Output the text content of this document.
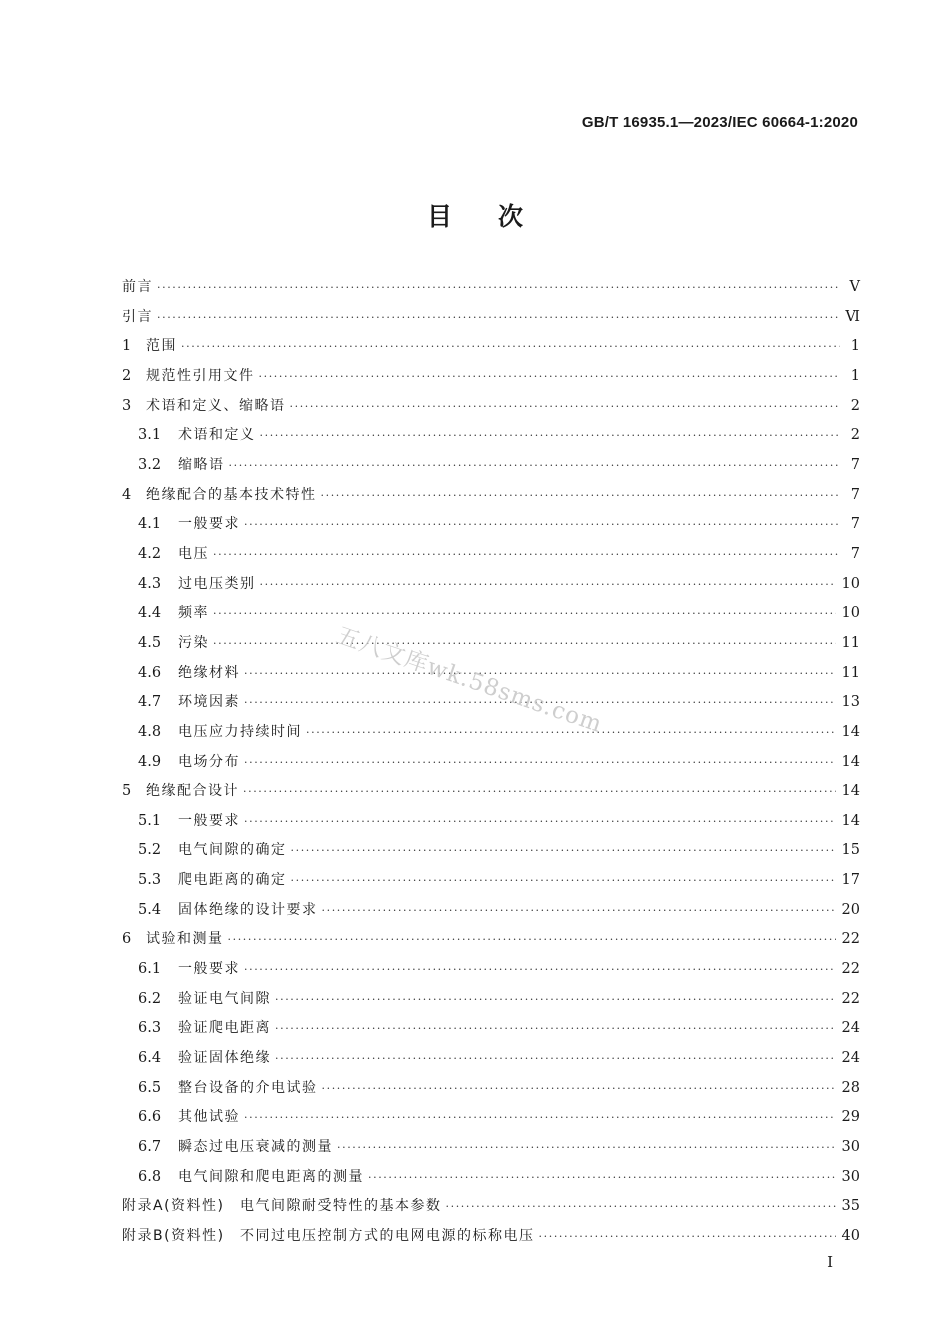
GB/T 16935.1—2023/IEC 60664-1:2020
目次
前言 ·····	Ⅴ
引言 ·····	Ⅵ
1	范围 ·····	1
2	规范性引用文件 ·····	1
3	术语和定义、缩略语 ·····	2
3.1	术语和定义 ·····	2
3.2	缩略语 ·····	7
4	绝缘配合的基本技术特性 ·····	7
4.1	一般要求 ·····	7
4.2	电压 ·····	7
4.3	过电压类别 ·····	10
4.4	频率 ·····	10
4.5	污染 ·····	11
4.6	绝缘材料 ·····	11
4.7	环境因素 ·····	13
4.8	电压应力持续时间 ·····	14
4.9	电场分布 ·····	14
5	绝缘配合设计 ·····	14
5.1	一般要求 ·····	14
5.2	电气间隙的确定 ·····	15
5.3	爬电距离的确定 ·····	17
5.4	固体绝缘的设计要求 ·····	20
6	试验和测量 ·····	22
6.1	一般要求 ·····	22
6.2	验证电气间隙 ·····	22
6.3	验证爬电距离 ·····	24
6.4	验证固体绝缘 ·····	24
6.5	整台设备的介电试验 ·····	28
6.6	其他试验 ·····	29
6.7	瞬态过电压衰减的测量 ·····	30
6.8	电气间隙和爬电距离的测量 ·····	30
附录A(资料性)　电气间隙耐受特性的基本参数 ·····	35
附录B(资料性)　不同过电压控制方式的电网电源的标称电压 ·····	40
五八文库wk.58sms.com
Ⅰ
